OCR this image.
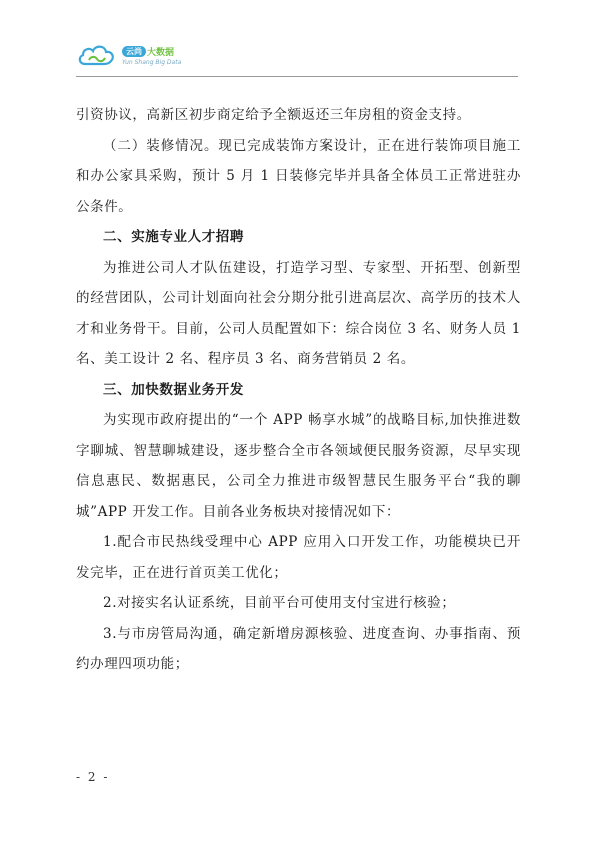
云尚 大数据
Yun Shang Big Data

引资协议，高新区初步商定给予全额返还三年房租的资金支持。

（二）装修情况。现已完成装饰方案设计，正在进行装饰项目施工和办公家具采购，预计 5 月 1 日装修完毕并具备全体员工正常进驻办公条件。

二、实施专业人才招聘

为推进公司人才队伍建设，打造学习型、专家型、开拓型、创新型的经营团队，公司计划面向社会分期分批引进高层次、高学历的技术人才和业务骨干。目前，公司人员配置如下：综合岗位 3 名、财务人员 1 名、美工设计 2 名、程序员 3 名、商务营销员 2 名。

三、加快数据业务开发

为实现市政府提出的“一个 APP 畅享水城”的战略目标,加快推进数字聊城、智慧聊城建设，逐步整合全市各领域便民服务资源，尽早实现信息惠民、数据惠民，公司全力推进市级智慧民生服务平台“我的聊城”APP 开发工作。目前各业务板块对接情况如下：

1.配合市民热线受理中心 APP 应用入口开发工作，功能模块已开发完毕，正在进行首页美工优化；

2.对接实名认证系统，目前平台可使用支付宝进行核验；

3.与市房管局沟通，确定新增房源核验、进度查询、办事指南、预约办理四项功能；

- 2 -
